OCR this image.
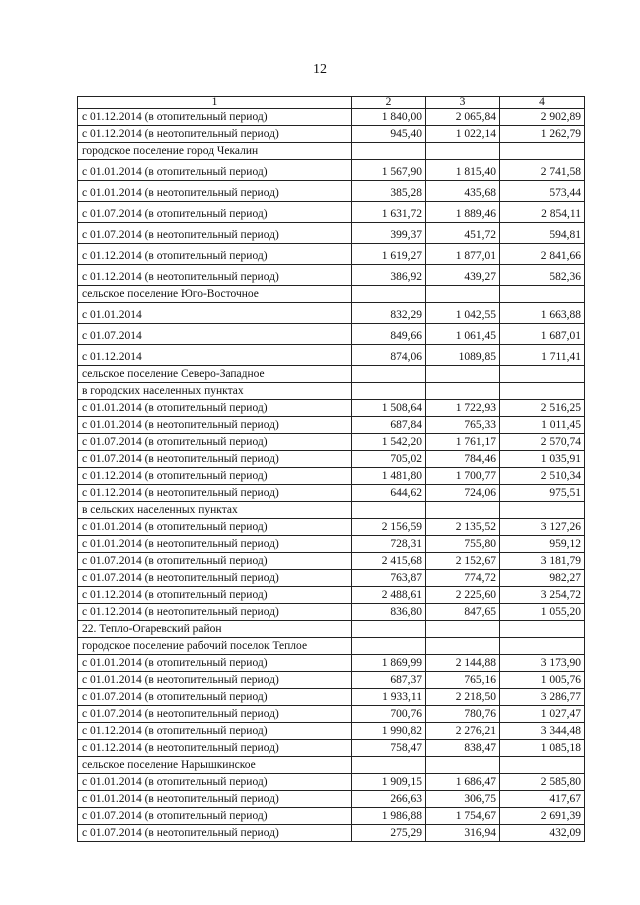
12
1	2	3	4
с 01.12.2014 (в отопительный период)	1 840,00	2 065,84	2 902,89
с 01.12.2014 (в неотопительный период)	945,40	1 022,14	1 262,79
городское поселение город Чекалин			
с 01.01.2014 (в отопительный период)	1 567,90	1 815,40	2 741,58
с 01.01.2014 (в неотопительный период)	385,28	435,68	573,44
с 01.07.2014 (в отопительный период)	1 631,72	1 889,46	2 854,11
с 01.07.2014 (в неотопительный период)	399,37	451,72	594,81
с 01.12.2014 (в отопительный период)	1 619,27	1 877,01	2 841,66
с 01.12.2014 (в неотопительный период)	386,92	439,27	582,36
сельское поселение Юго-Восточное			
с 01.01.2014	832,29	1 042,55	1 663,88
с 01.07.2014	849,66	1 061,45	1 687,01
с 01.12.2014	874,06	1089,85	1 711,41
сельское поселение Северо-Западное			
в городских населенных пунктах			
с 01.01.2014 (в отопительный период)	1 508,64	1 722,93	2 516,25
с 01.01.2014 (в неотопительный период)	687,84	765,33	1 011,45
с 01.07.2014 (в отопительный период)	1 542,20	1 761,17	2 570,74
с 01.07.2014 (в неотопительный период)	705,02	784,46	1 035,91
с 01.12.2014 (в отопительный период)	1 481,80	1 700,77	2 510,34
с 01.12.2014 (в неотопительный период)	644,62	724,06	975,51
в сельских населенных пунктах			
с 01.01.2014 (в отопительный период)	2 156,59	2 135,52	3 127,26
с 01.01.2014 (в неотопительный период)	728,31	755,80	959,12
с 01.07.2014 (в отопительный период)	2 415,68	2 152,67	3 181,79
с 01.07.2014 (в неотопительный период)	763,87	774,72	982,27
с 01.12.2014 (в отопительный период)	2 488,61	2 225,60	3 254,72
с 01.12.2014 (в неотопительный период)	836,80	847,65	1 055,20
22. Тепло-Огаревский район			
городское поселение рабочий поселок Теплое			
с 01.01.2014 (в отопительный период)	1 869,99	2 144,88	3 173,90
с 01.01.2014 (в неотопительный период)	687,37	765,16	1 005,76
с 01.07.2014 (в отопительный период)	1 933,11	2 218,50	3 286,77
с 01.07.2014 (в неотопительный период)	700,76	780,76	1 027,47
с 01.12.2014 (в отопительный период)	1 990,82	2 276,21	3 344,48
с 01.12.2014 (в неотопительный период)	758,47	838,47	1 085,18
сельское поселение Нарышкинское			
с 01.01.2014 (в отопительный период)	1 909,15	1 686,47	2 585,80
с 01.01.2014 (в неотопительный период)	266,63	306,75	417,67
с 01.07.2014 (в отопительный период)	1 986,88	1 754,67	2 691,39
с 01.07.2014 (в неотопительный период)	275,29	316,94	432,09
